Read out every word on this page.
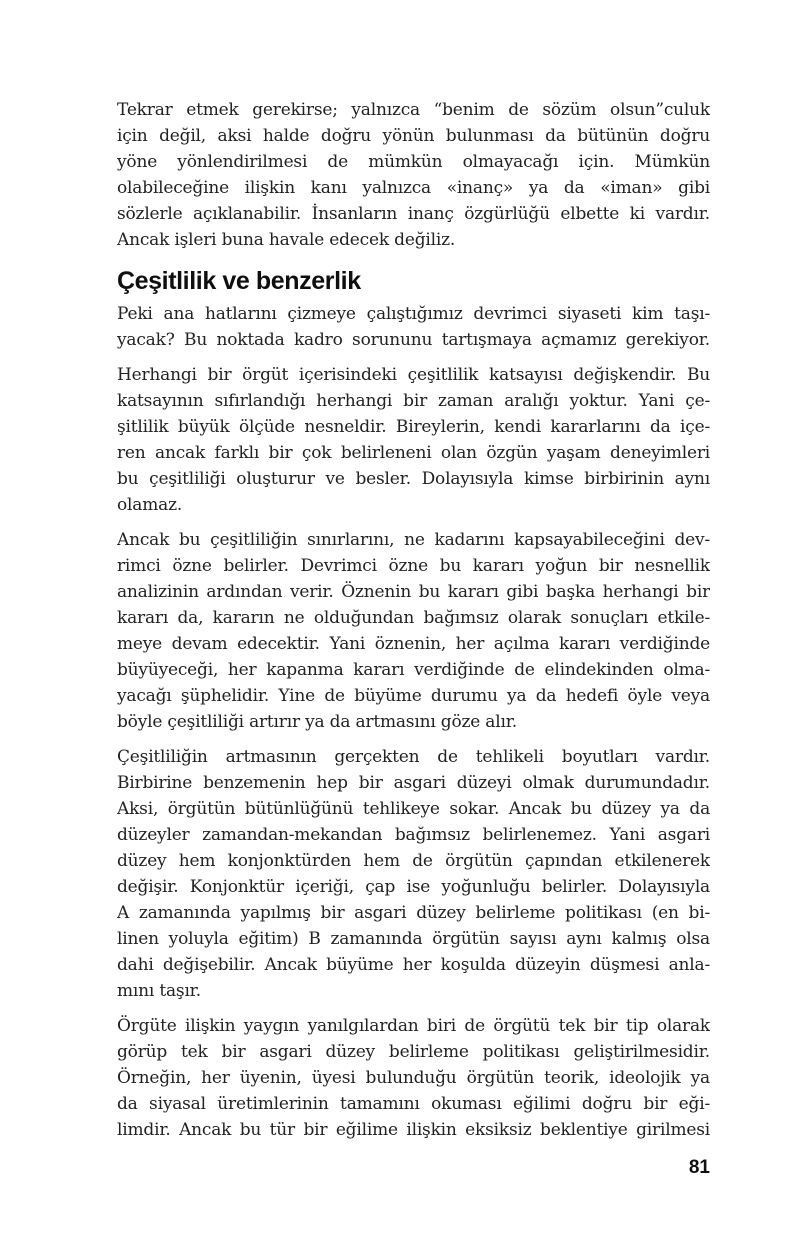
Tekrar etmek gerekirse; yalnızca “benim de sözüm olsun”culuk
için değil, aksi halde doğru yönün bulunması da bütünün doğru
yöne yönlendirilmesi de mümkün olmayacağı için. Mümkün
olabileceğine ilişkin kanı yalnızca «inanç» ya da «iman» gibi
sözlerle açıklanabilir. İnsanların inanç özgürlüğü elbette ki vardır.
Ancak işleri buna havale edecek değiliz.
Çeşitlilik ve benzerlik
Peki ana hatlarını çizmeye çalıştığımız devrimci siyaseti kim taşı-
yacak? Bu noktada kadro sorununu tartışmaya açmamız gerekiyor.
Herhangi bir örgüt içerisindeki çeşitlilik katsayısı değişkendir. Bu
katsayının sıfırlandığı herhangi bir zaman aralığı yoktur. Yani çe-
şitlilik büyük ölçüde nesneldir. Bireylerin, kendi kararlarını da içe-
ren ancak farklı bir çok belirleneni olan özgün yaşam deneyimleri
bu çeşitliliği oluşturur ve besler. Dolayısıyla kimse birbirinin aynı
olamaz.
Ancak bu çeşitliliğin sınırlarını, ne kadarını kapsayabileceğini dev-
rimci özne belirler. Devrimci özne bu kararı yoğun bir nesnellik
analizinin ardından verir. Öznenin bu kararı gibi başka herhangi bir
kararı da, kararın ne olduğundan bağımsız olarak sonuçları etkile-
meye devam edecektir. Yani öznenin, her açılma kararı verdiğinde
büyüyeceği, her kapanma kararı verdiğinde de elindekinden olma-
yacağı şüphelidir. Yine de büyüme durumu ya da hedefi öyle veya
böyle çeşitliliği artırır ya da artmasını göze alır.
Çeşitliliğin artmasının gerçekten de tehlikeli boyutları vardır.
Birbirine benzemenin hep bir asgari düzeyi olmak durumundadır.
Aksi, örgütün bütünlüğünü tehlikeye sokar. Ancak bu düzey ya da
düzeyler zamandan-mekandan bağımsız belirlenemez. Yani asgari
düzey hem konjonktürden hem de örgütün çapından etkilenerek
değişir. Konjonktür içeriği, çap ise yoğunluğu belirler. Dolayısıyla
A zamanında yapılmış bir asgari düzey belirleme politikası (en bi-
linen yoluyla eğitim) B zamanında örgütün sayısı aynı kalmış olsa
dahi değişebilir. Ancak büyüme her koşulda düzeyin düşmesi anla-
mını taşır.
Örgüte ilişkin yaygın yanılgılardan biri de örgütü tek bir tip olarak
görüp tek bir asgari düzey belirleme politikası geliştirilmesidir.
Örneğin, her üyenin, üyesi bulunduğu örgütün teorik, ideolojik ya
da siyasal üretimlerinin tamamını okuması eğilimi doğru bir eği-
limdir. Ancak bu tür bir eğilime ilişkin eksiksiz beklentiye girilmesi
81
